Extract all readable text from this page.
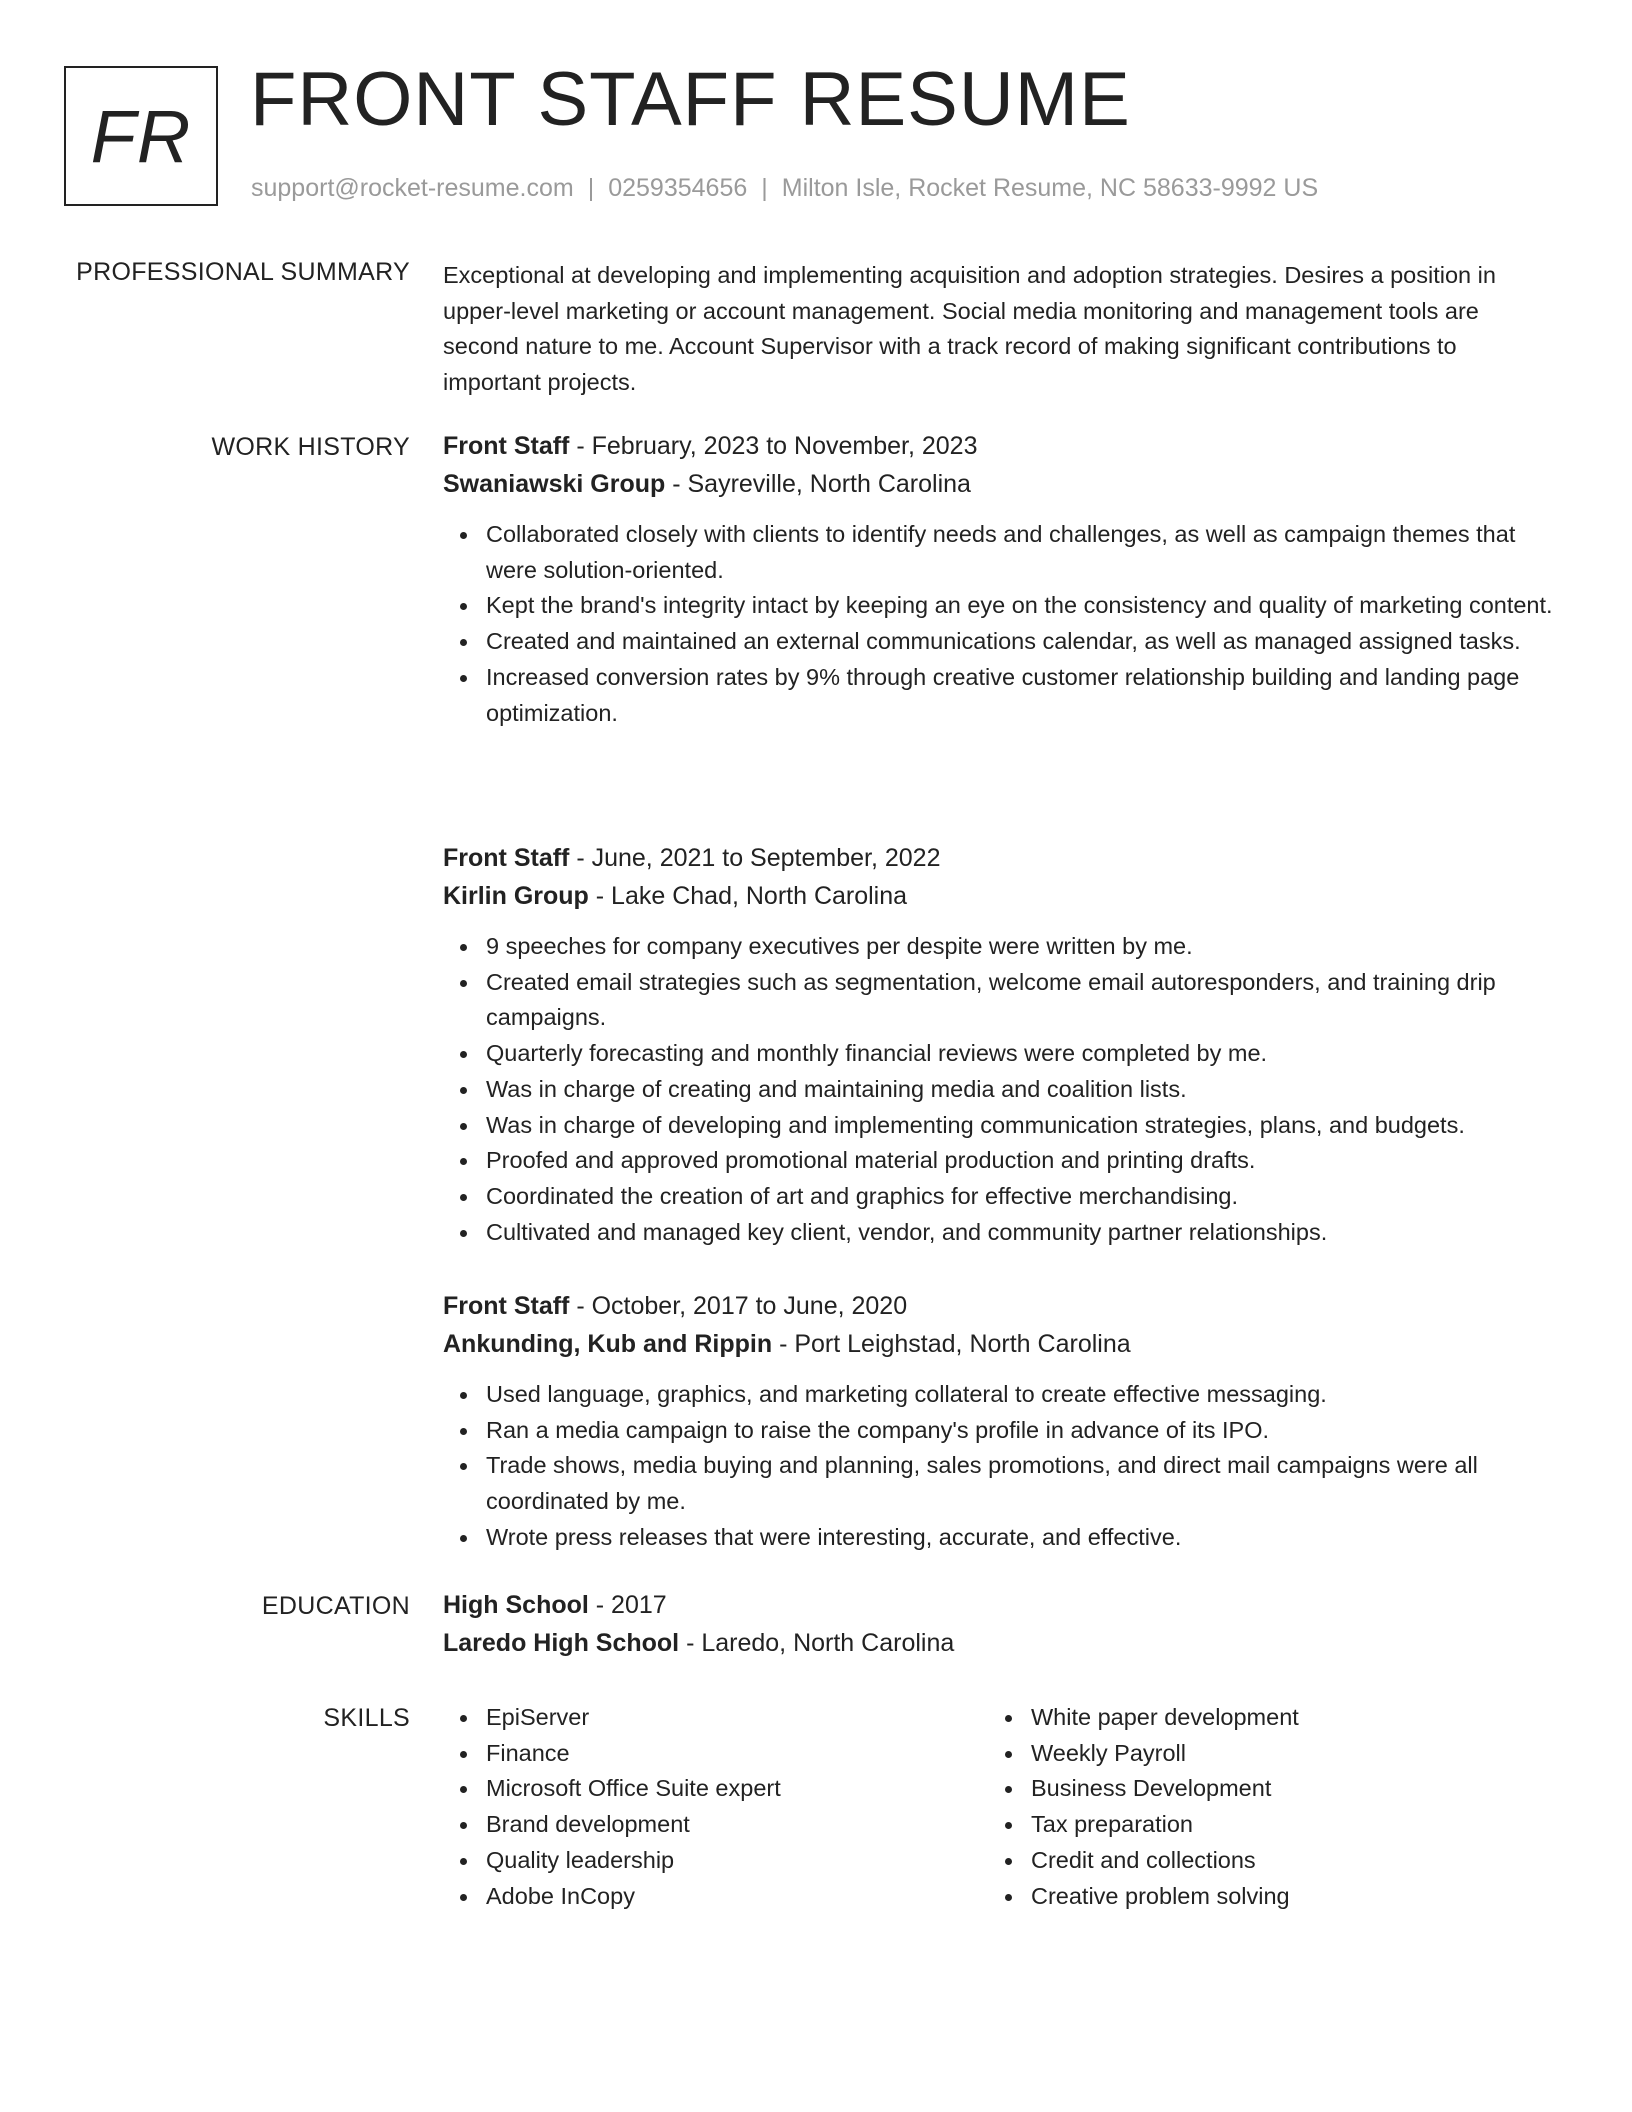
FR FRONT STAFF RESUME
support@rocket-resume.com | 0259354656 | Milton Isle, Rocket Resume, NC 58633-9992 US
PROFESSIONAL SUMMARY Exceptional at developing and implementing acquisition and adoption strategies. Desires a position in upper-level marketing or account management. Social media monitoring and management tools are second nature to me. Account Supervisor with a track record of making significant contributions to important projects.

WORK HISTORY Front Staff - February, 2023 to November, 2023
Swaniawski Group - Sayreville, North Carolina
Collaborated closely with clients to identify needs and challenges, as well as campaign themes that were solution-oriented.
Kept the brand's integrity intact by keeping an eye on the consistency and quality of marketing content.
Created and maintained an external communications calendar, as well as managed assigned tasks.
Increased conversion rates by 9% through creative customer relationship building and landing page optimization.
Front Staff - June, 2021 to September, 2022
Kirlin Group - Lake Chad, North Carolina
9 speeches for company executives per despite were written by me.
Created email strategies such as segmentation, welcome email autoresponders, and training drip campaigns.
Quarterly forecasting and monthly financial reviews were completed by me.
Was in charge of creating and maintaining media and coalition lists.
Was in charge of developing and implementing communication strategies, plans, and budgets.
Proofed and approved promotional material production and printing drafts.
Coordinated the creation of art and graphics for effective merchandising.
Cultivated and managed key client, vendor, and community partner relationships.
Front Staff - October, 2017 to June, 2020
Ankunding, Kub and Rippin - Port Leighstad, North Carolina
Used language, graphics, and marketing collateral to create effective messaging.
Ran a media campaign to raise the company's profile in advance of its IPO.
Trade shows, media buying and planning, sales promotions, and direct mail campaigns were all coordinated by me.
Wrote press releases that were interesting, accurate, and effective.
EDUCATION High School - 2017
Laredo High School - Laredo, North Carolina
SKILLS	EpiServer
Finance
Microsoft Office Suite expert
Brand development
Quality leadership
Adobe InCopy
White paper development
Weekly Payroll
Business Development
Tax preparation
Credit and collections
Creative problem solving
